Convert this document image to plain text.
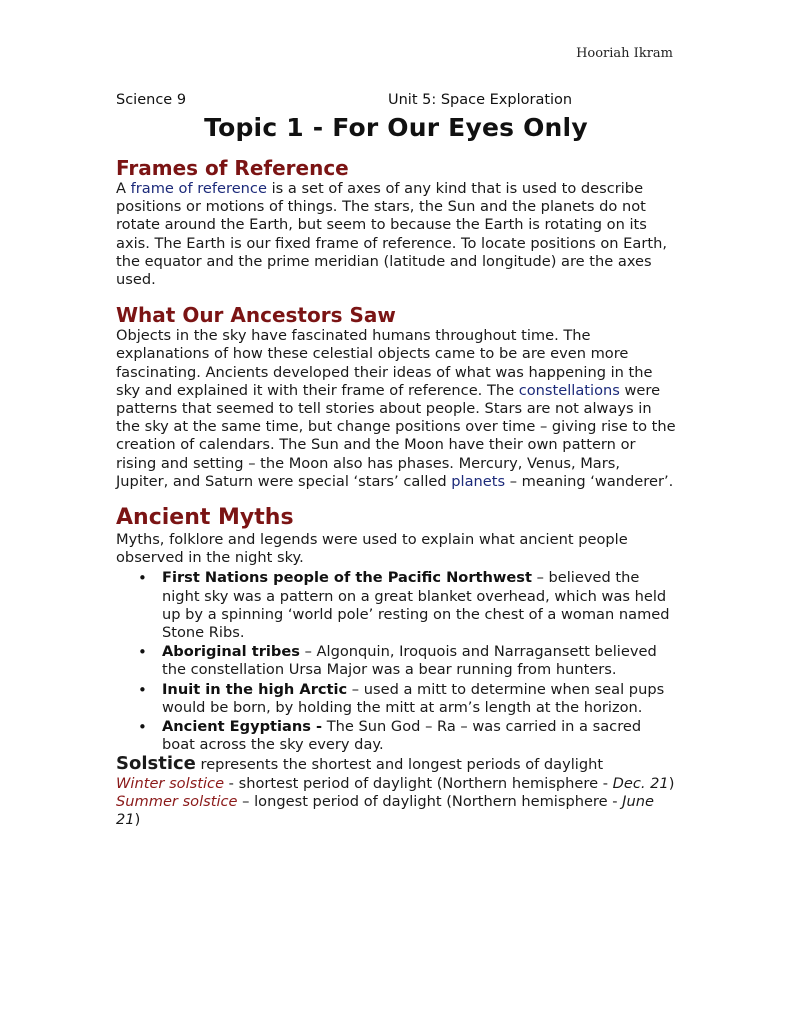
Hooriah Ikram
Science 9	Unit 5: Space Exploration
Topic 1 - For Our Eyes Only
Frames of Reference

A frame of reference is a set of axes of any kind that is used to describe positions or motions of things. The stars, the Sun and the planets do not rotate around the Earth, but seem to because the Earth is rotating on its axis. The Earth is our fixed frame of reference. To locate positions on Earth, the equator and the prime meridian (latitude and longitude) are the axes used.

What Our Ancestors Saw

Objects in the sky have fascinated humans throughout time. The explanations of how these celestial objects came to be are even more fascinating. Ancients developed their ideas of what was happening in the sky and explained it with their frame of reference. The constellations were patterns that seemed to tell stories about people. Stars are not always in the sky at the same time, but change positions over time – giving rise to the creation of calendars. The Sun and the Moon have their own pattern or rising and setting – the Moon also has phases. Mercury, Venus, Mars, Jupiter, and Saturn were special ‘stars’ called planets – meaning ‘wanderer’.

Ancient Myths

Myths, folklore and legends were used to explain what ancient people observed in the night sky.

• First Nations people of the Pacific Northwest – believed the night sky was a pattern on a great blanket overhead, which was held up by a spinning ‘world pole’ resting on the chest of a woman named Stone Ribs.
• Aboriginal tribes – Algonquin, Iroquois and Narragansett believed the constellation Ursa Major was a bear running from hunters.
• Inuit in the high Arctic – used a mitt to determine when seal pups would be born, by holding the mitt at arm’s length at the horizon.
• Ancient Egyptians - The Sun God – Ra – was carried in a sacred boat across the sky every day.

Solstice represents the shortest and longest periods of daylight

Winter solstice - shortest period of daylight (Northern hemisphere - Dec. 21)

Summer solstice – longest period of daylight (Northern hemisphere - June 21)
